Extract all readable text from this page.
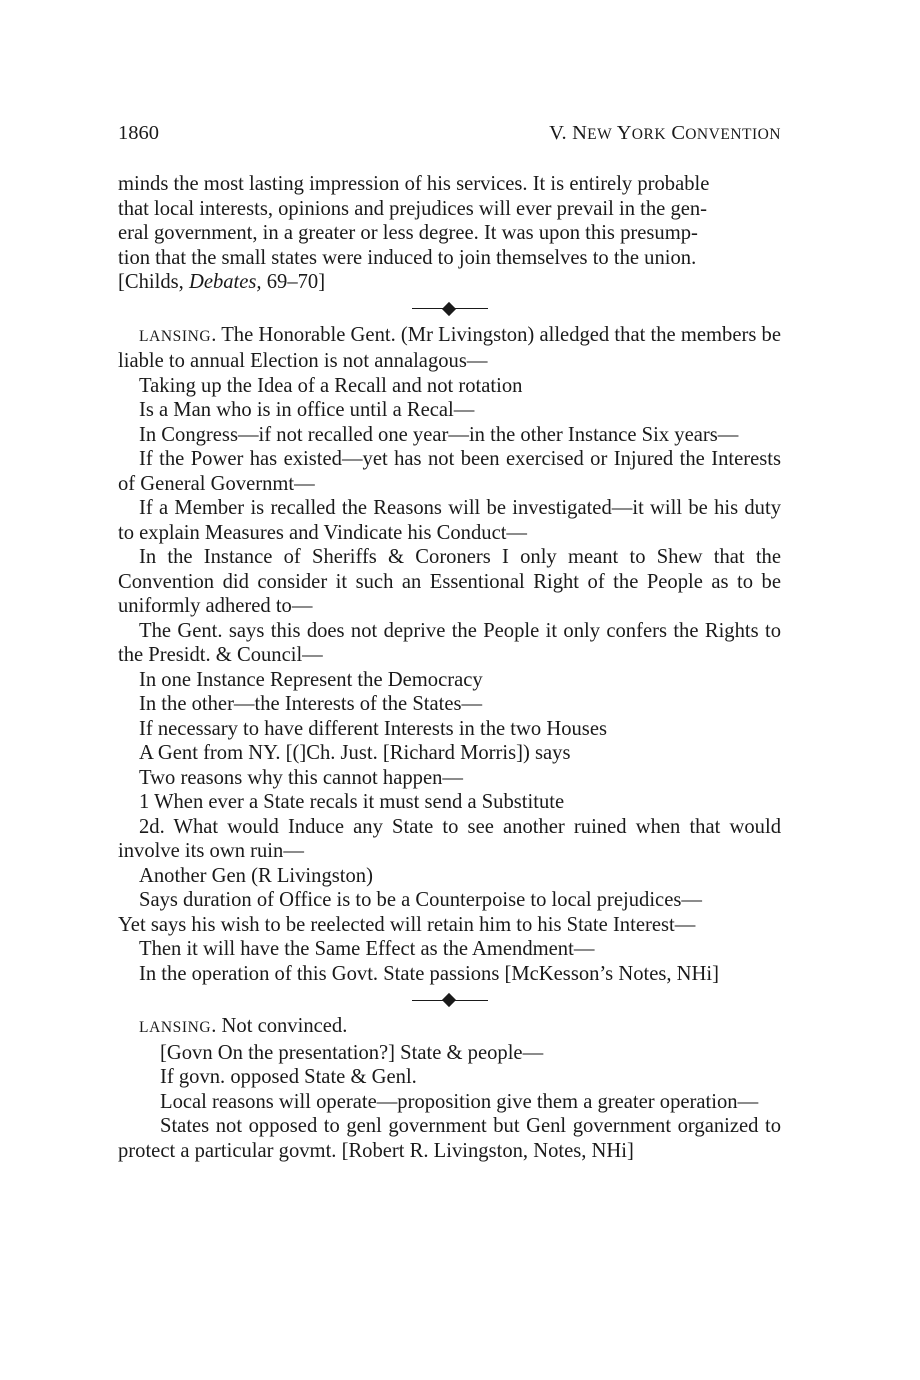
1860	V. NEW YORK CONVENTION

minds the most lasting impression of his services. It is entirely probable

that local interests, opinions and prejudices will ever prevail in the gen-

eral government, in a greater or less degree. It was upon this presump-

tion that the small states were induced to join themselves to the union.

[Childs, Debates, 69–70]

LANSING. The Honorable Gent. (Mr Livingston) alledged that the members be liable to annual Election is not annalagous—

Taking up the Idea of a Recall and not rotation

Is a Man who is in office until a Recal—

In Congress—if not recalled one year—in the other Instance Six years—

If the Power has existed—yet has not been exercised or Injured the Interests of General Governmt—

If a Member is recalled the Reasons will be investigated—it will be his duty to explain Measures and Vindicate his Conduct—

In the Instance of Sheriffs & Coroners I only meant to Shew that the Convention did consider it such an Essentional Right of the People as to be uniformly adhered to—

The Gent. says this does not deprive the People it only confers the Rights to the Presidt. & Council—

In one Instance Represent the Democracy

In the other—the Interests of the States—

If necessary to have different Interests in the two Houses

A Gent from NY. [(]Ch. Just. [Richard Morris]) says

Two reasons why this cannot happen—

1 When ever a State recals it must send a Substitute

2d. What would Induce any State to see another ruined when that would involve its own ruin—

Another Gen (R Livingston)

Says duration of Office is to be a Counterpoise to local prejudices—

Yet says his wish to be reelected will retain him to his State Interest—

Then it will have the Same Effect as the Amendment—

In the operation of this Govt. State passions [McKesson’s Notes, NHi]

LANSING. Not convinced.

[Govn On the presentation?] State & people—

If govn. opposed State & Genl.

Local reasons will operate—proposition give them a greater operation—

States not opposed to genl government but Genl government organized to protect a particular govmt. [Robert R. Livingston, Notes, NHi]
